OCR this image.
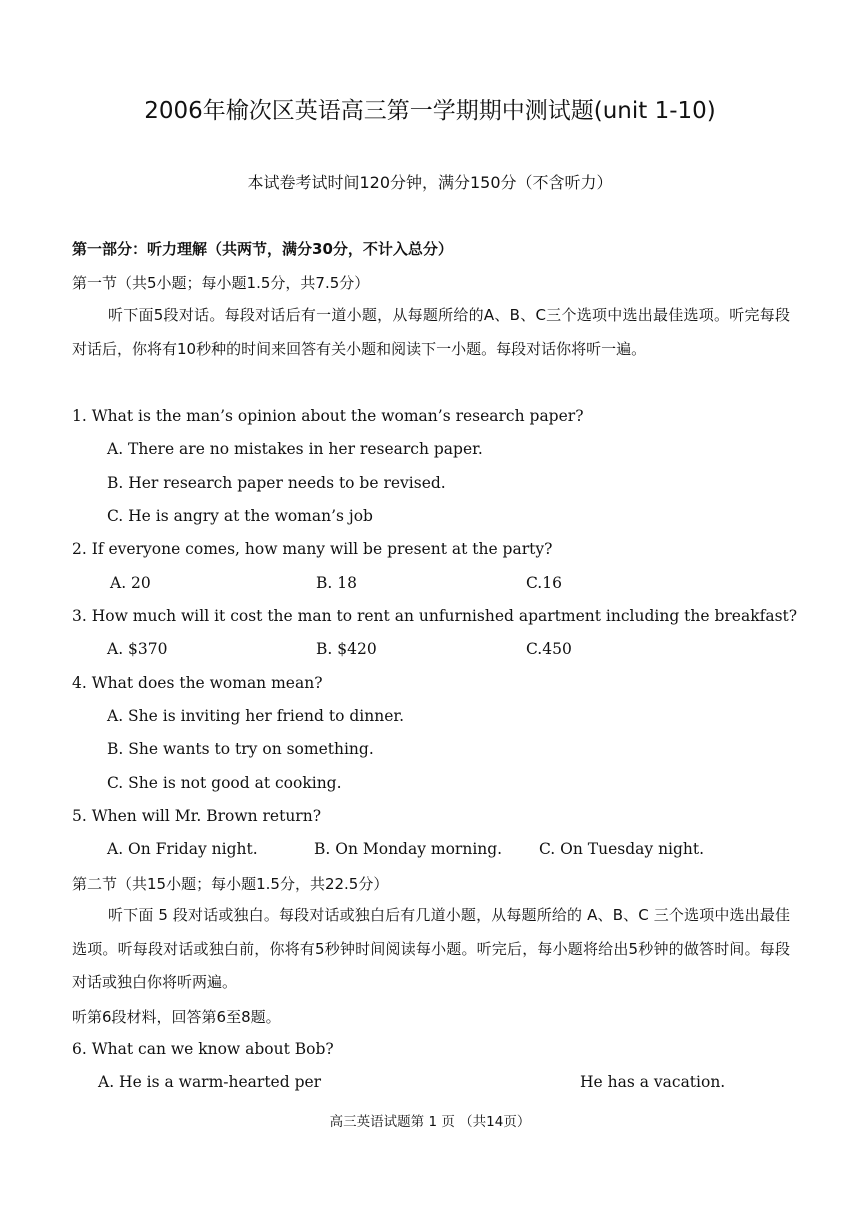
2006年榆次区英语高三第一学期期中测试题(unit 1-10)
本试卷考试时间120分钟，满分150分（不含听力）
第一部分：听力理解（共两节，满分30分，不计入总分）
第一节（共5小题；每小题1.5分，共7.5分）
听下面5段对话。每段对话后有一道小题，从每题所给的A、B、C三个选项中选出最佳选项。听完每段对话后，你将有10秒种的时间来回答有关小题和阅读下一小题。每段对话你将听一遍。
1. What is the man’s opinion about the woman’s research paper?
A. There are no mistakes in her research paper.
B. Her research paper needs to be revised.
C. He is angry at the woman’s job
2. If everyone comes, how many will be present at the party?
A. 20	B. 18	C.16
3. How much will it cost the man to rent an unfurnished apartment including the breakfast?
A. $370	B. $420	C.450
4. What does the woman mean?
A. She is inviting her friend to dinner.
B. She wants to try on something.
C. She is not good at cooking.
5. When will Mr. Brown return?
A. On Friday night.	B. On Monday morning. C. On Tuesday night.
第二节（共15小题；每小题1.5分，共22.5分）
听下面 5 段对话或独白。每段对话或独白后有几道小题，从每题所给的 A、B、C 三个选项中选出最佳选项。听每段对话或独白前，你将有5秒钟时间阅读每小题。听完后，每小题将给出5秒钟的做答时间。每段对话或独白你将听两遍。
听第6段材料，回答第6至8题。
6. What can we know about Bob?
A. He is a warm-hearted per	He has a vacation.
高三英语试题第 1 页 （共14页）
